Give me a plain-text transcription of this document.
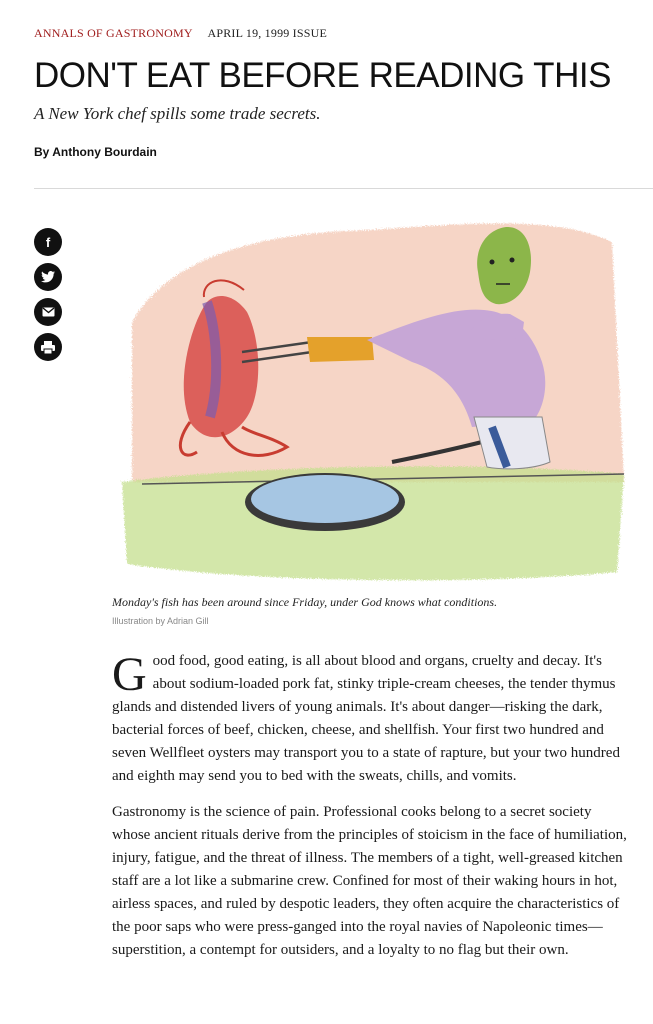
ANNALS OF GASTRONOMY APRIL 19, 1999 ISSUE
DON'T EAT BEFORE READING THIS
A New York chef spills some trade secrets.
By Anthony Bourdain
f
Monday's fish has been around since Friday, under God knows what conditions.
Illustration by Adrian Gill

Good food, good eating, is all about blood and organs, cruelty and decay. It's about sodium-loaded pork fat, stinky triple-cream cheeses, the tender thymus glands and distended livers of young animals. It's about danger—risking the dark, bacterial forces of beef, chicken, cheese, and shellfish. Your first two hundred and seven Wellfleet oysters may transport you to a state of rapture, but your two hundred and eighth may send you to bed with the sweats, chills, and vomits.

Gastronomy is the science of pain. Professional cooks belong to a secret society whose ancient rituals derive from the principles of stoicism in the face of humiliation, injury, fatigue, and the threat of illness. The members of a tight, well-greased kitchen staff are a lot like a submarine crew. Confined for most of their waking hours in hot, airless spaces, and ruled by despotic leaders, they often acquire the characteristics of the poor saps who were press-ganged into the royal navies of Napoleonic times—superstition, a contempt for outsiders, and a loyalty to no flag but their own.
